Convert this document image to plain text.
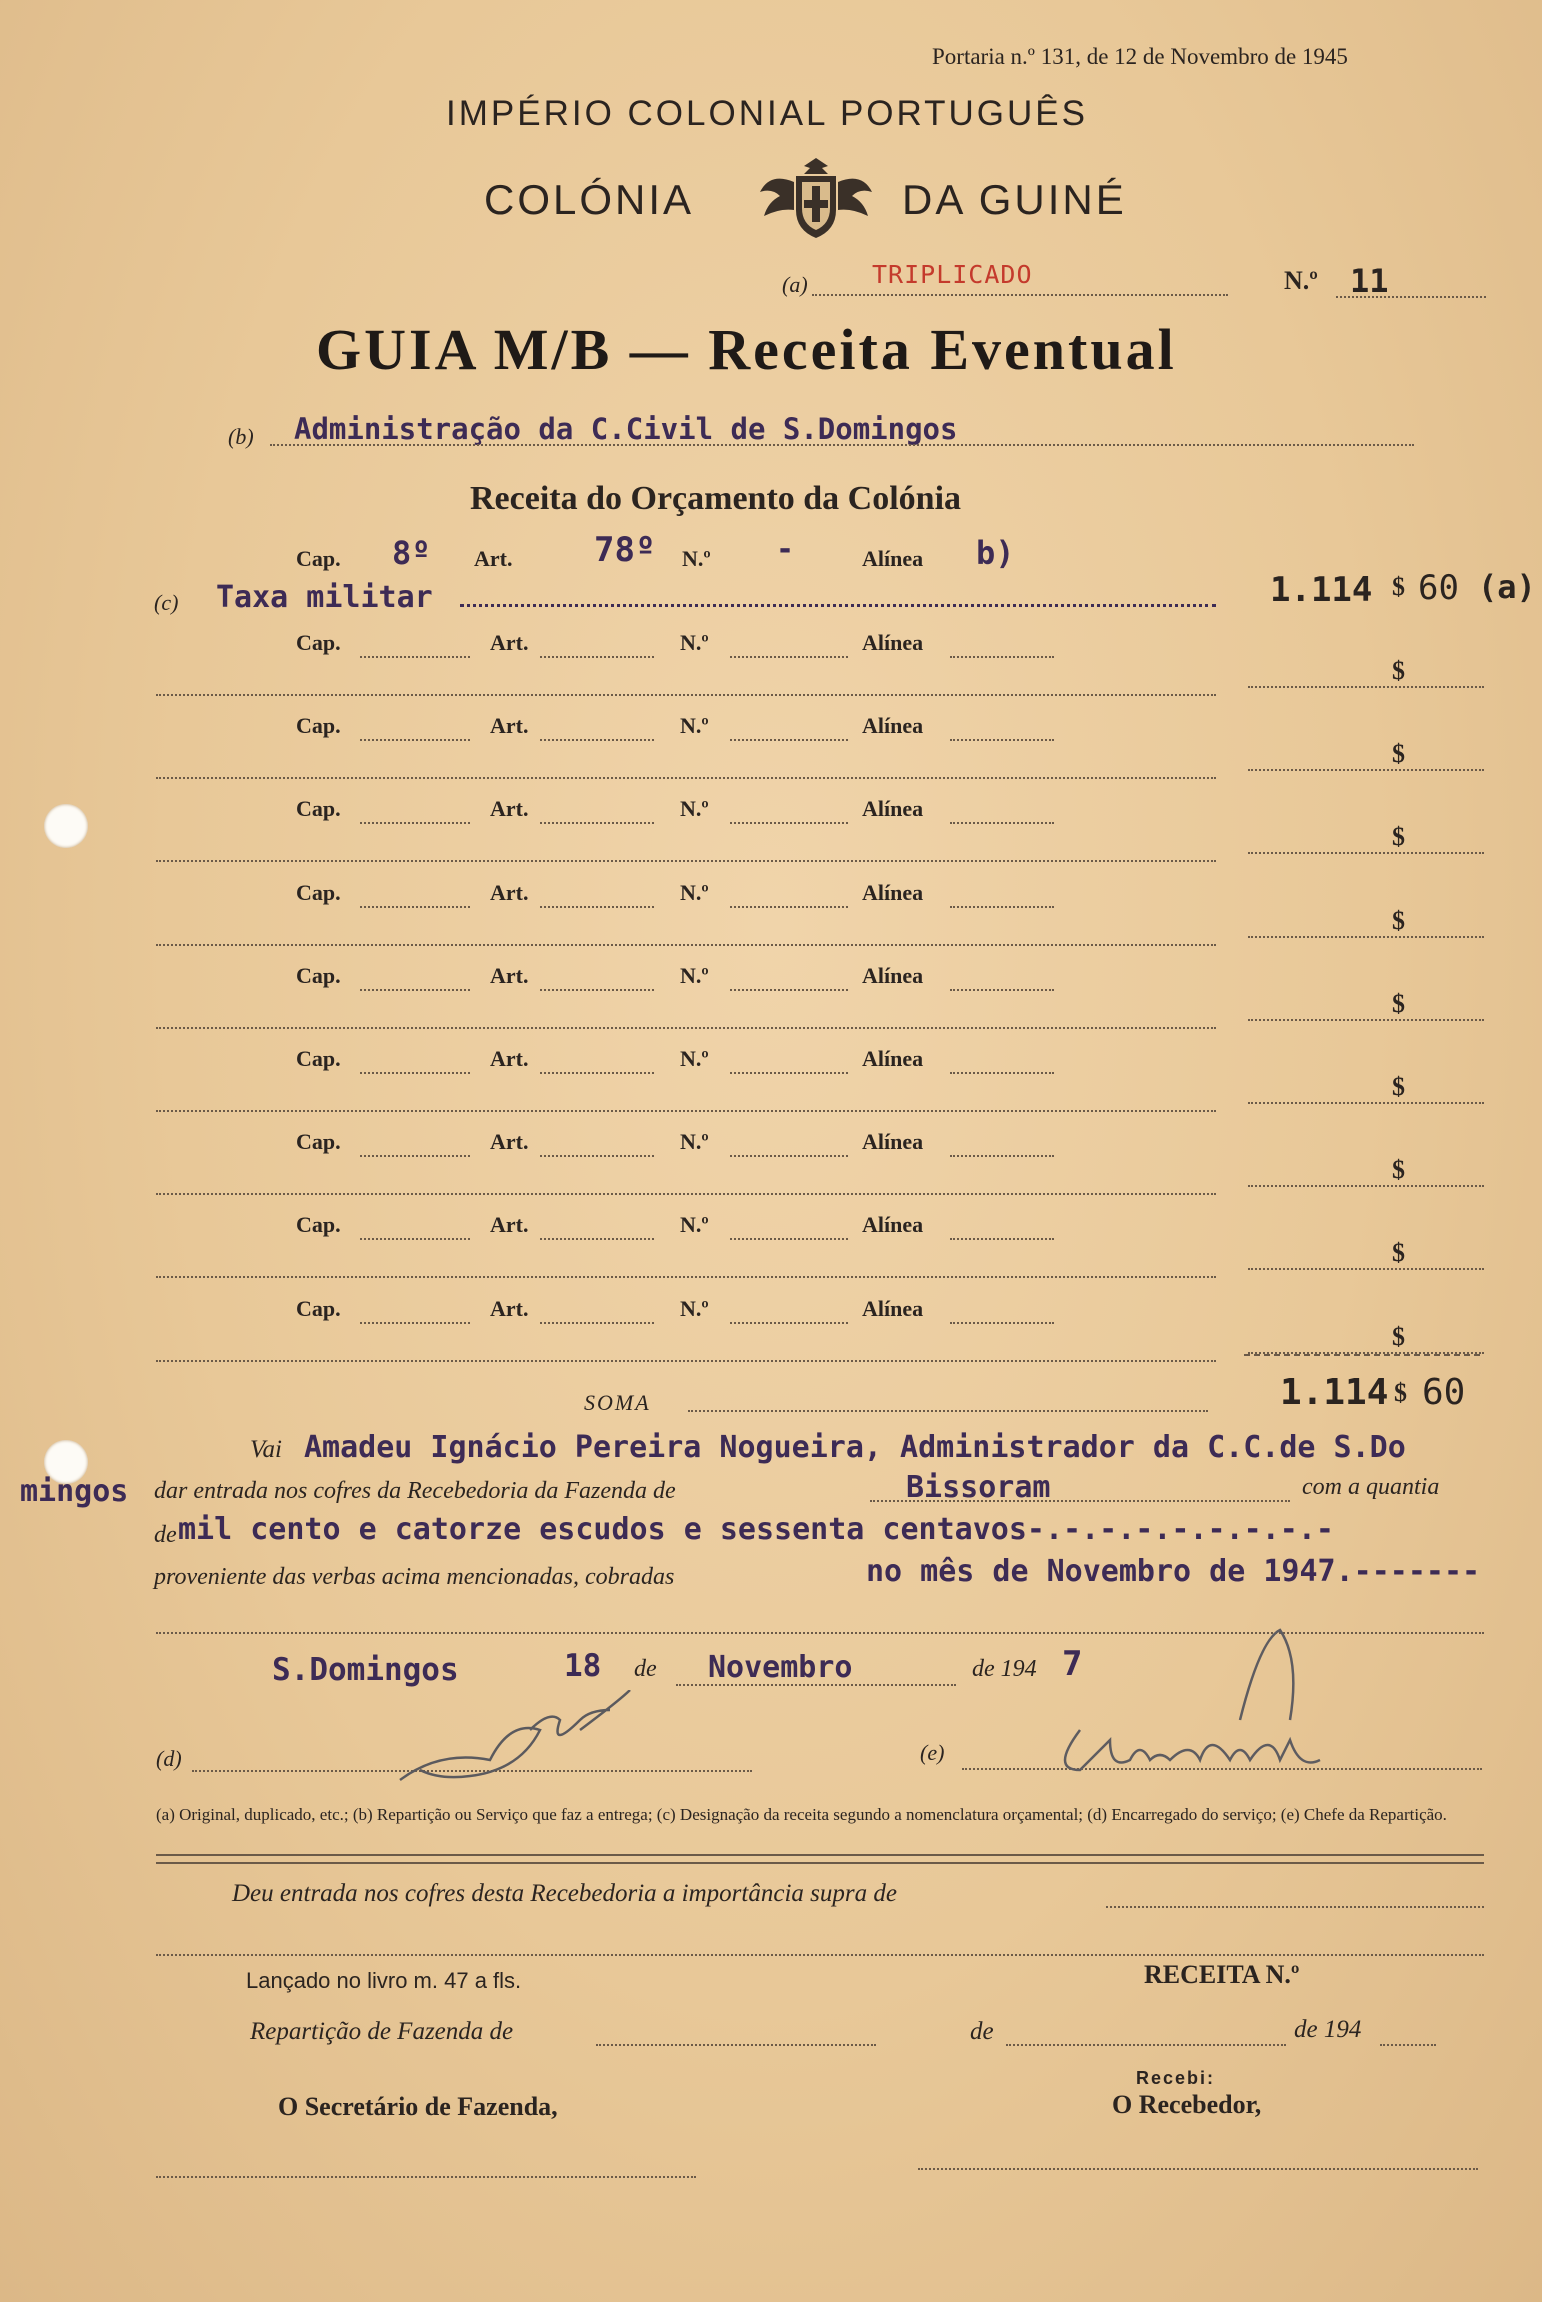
Portaria n.º 131, de 12 de Novembro de 1945
IMPÉRIO COLONIAL PORTUGUÊS
COLÓNIA	DA GUINÉ
(a)	TRIPLICADO	N.º 11
GUIA M/B — Receita Eventual
(b) Administração da C.Civil de S.Domingos
Receita do Orçamento da Colónia
Cap. 8º Art. 78º N.º -	Alínea b)
(c) Taxa militar	1.114 $ 60 (a)
Cap.	Art.	N.º	Alínea
$
Cap.	Art.	N.º	Alínea
$
Cap.	Art.	N.º	Alínea
$
Cap.	Art.	N.º	Alínea
$
Cap.	Art.	N.º	Alínea
$
Cap.	Art.	N.º	Alínea
$
Cap.	Art.	N.º	Alínea
$
Cap.	Art.	N.º	Alínea
$
Cap.	Art.	N.º	Alínea
$
SOMA	1.114 $ 60
Vai Amadeu Ignácio Pereira Nogueira, Administrador da C.C.de S.Do
mingos dar entrada nos cofres da Recebedoria da Fazenda de	Bissoram	com a quantia
de mil cento e catorze escudos e sessenta centavos-.-.-.-.-.-.-.-.-
proveniente das verbas acima mencionadas, cobradas	no mês de Novembro de 1947.-------
S.Domingos	18 de Novembro	de 194 7
(d)	(e)
(a) Original, duplicado, etc.; (b) Repartição ou Serviço que faz a entrega; (c) Designação da receita segundo a nomenclatura orçamental; (d) Encarregado do serviço; (e) Chefe da Repartição.
Deu entrada nos cofres desta Recebedoria a importância supra de
Lançado no livro m. 47 a fls.	RECEITA N.º
Repartição de Fazenda de	de	de 194
Recebi:
O Secretário de Fazenda,	O Recebedor,
